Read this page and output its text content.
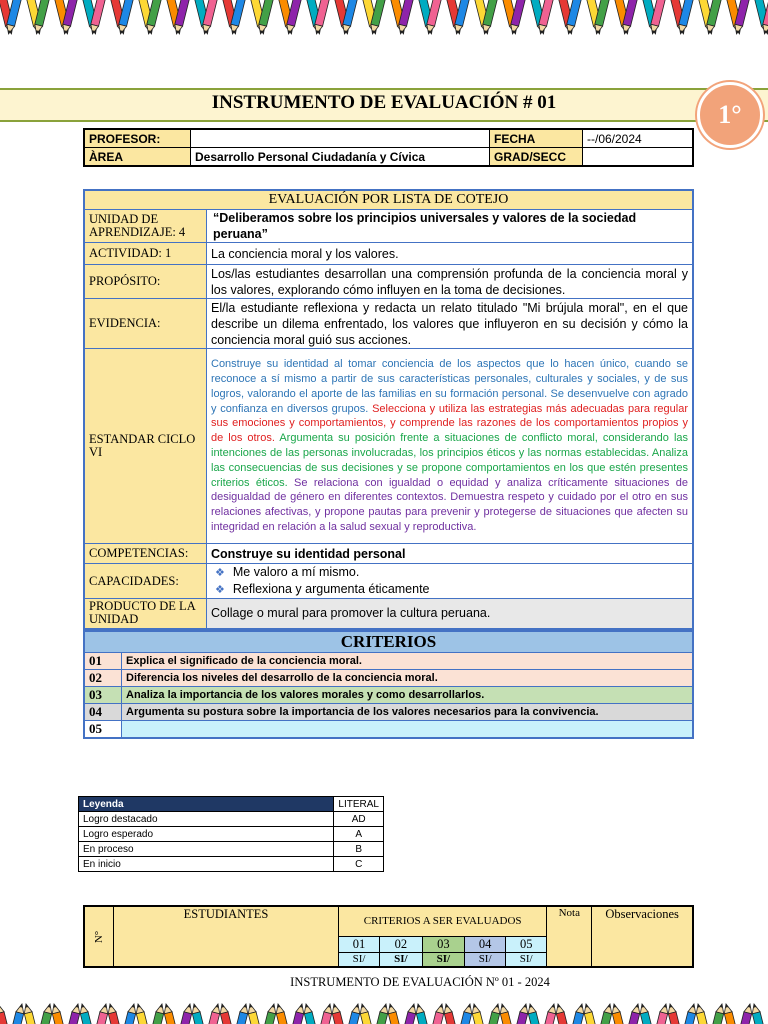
INSTRUMENTO DE EVALUACIÓN # 01	1°
PROFESOR:		FECHA	--/06/2024
ÀREA	Desarrollo Personal Ciudadanía y Cívica	GRAD/SECC	
EVALUACIÓN POR LISTA DE COTEJO	
UNIDAD DE APRENDIZAJE: 4	“Deliberamos sobre los principios universales y valores de la sociedad peruana”
ACTIVIDAD: 1	La conciencia moral y los valores.
PROPÓSITO:	Los/las estudiantes desarrollan una comprensión profunda de la conciencia moral y los valores, explorando cómo influyen en la toma de decisiones.
EVIDENCIA:	El/la estudiante reflexiona y redacta un relato titulado "Mi brújula moral", en el que describe un dilema enfrentado, los valores que influyeron en su decisión y cómo la conciencia moral guió sus acciones.
ESTANDAR CICLO VI	Construye su identidad al tomar conciencia de los aspectos que lo hacen único, cuando se reconoce a sí mismo a partir de sus características personales, culturales y sociales, y de sus logros, valorando el aporte de las familias en su formación personal. Se desenvuelve con agrado y confianza en diversos grupos. Selecciona y utiliza las estrategias más adecuadas para regular sus emociones y comportamientos, y comprende las razones de los comportamientos propios y de los otros. Argumenta su posición frente a situaciones de conflicto moral, considerando las intenciones de las personas involucradas, los principios éticos y las normas establecidas. Analiza las consecuencias de sus decisiones y se propone comportamientos en los que estén presentes criterios éticos. Se relaciona con igualdad o equidad y analiza críticamente situaciones de desigualdad de género en diferentes contextos. Demuestra respeto y cuidado por el otro en sus relaciones afectivas, y propone pautas para prevenir y protegerse de situaciones que afecten su integridad en relación a la salud sexual y reproductiva.
COMPETENCIAS:	Construye su identidad personal
CAPACIDADES:	❖ Me valoro a mí mismo.
❖ Reflexiona y argumenta éticamente

PRODUCTO DE LA UNIDAD	Collage o mural para promover la cultura peruana.
CRITERIOS	
01	Explica el significado de la conciencia moral.
02	Diferencia los niveles del desarrollo de la conciencia moral.
03	Analiza la importancia de los valores morales y como desarrollarlos.
04	Argumenta su postura sobre la importancia de los valores necesarios para la convivencia.
05	
Leyenda	LITERAL
Logro destacado	AD
Logro esperado	A
En proceso	B
En inicio	C
N°	ESTUDIANTES	CRITERIOS A SER EVALUADOS					Nota	Observaciones
		01	02	03	04	05		
		SI/	SI/	SI/	SI/	SI/		
INSTRUMENTO DE EVALUACIÓN Nº 01 - 2024
